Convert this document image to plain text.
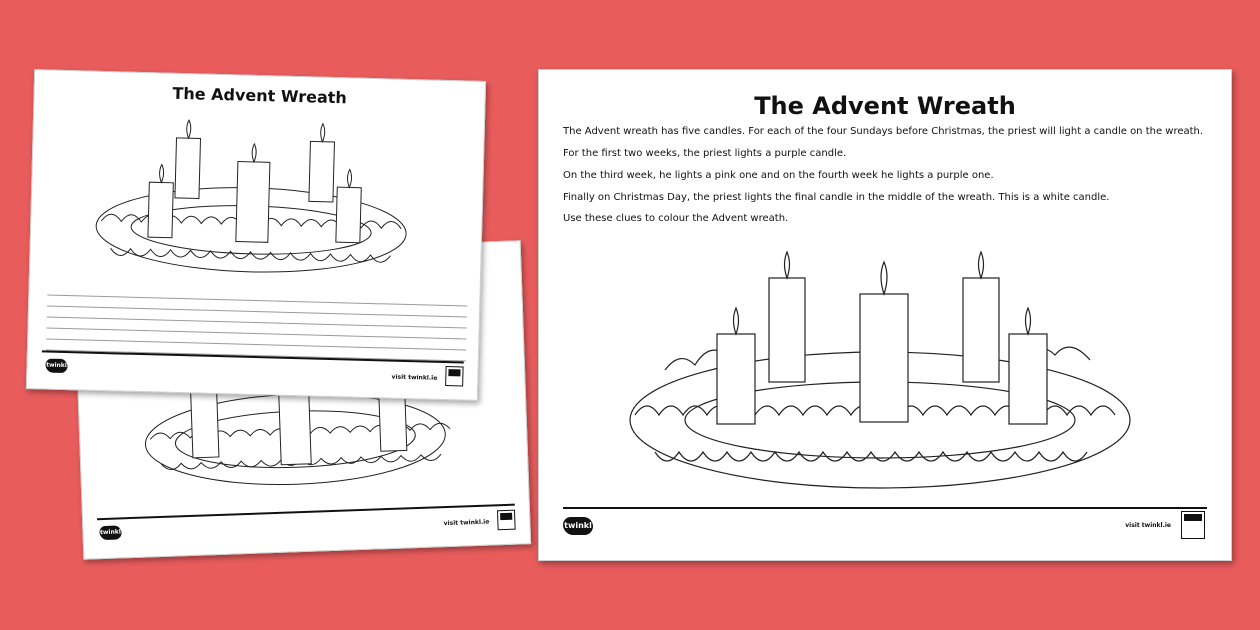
twinkl
visit twinkl.ie

The Advent Wreath
twinkl
visit twinkl.ie

The Advent Wreath
The Advent wreath has five candles. For each of the four Sundays before Christmas, the priest will light a candle on the wreath.
For the first two weeks, the priest lights a purple candle.
On the third week, he lights a pink one and on the fourth week he lights a purple one.
Finally on Christmas Day, the priest lights the final candle in the middle of the wreath. This is a white candle.
Use these clues to colour the Advent wreath.
twinkl	visit twinkl.ie
